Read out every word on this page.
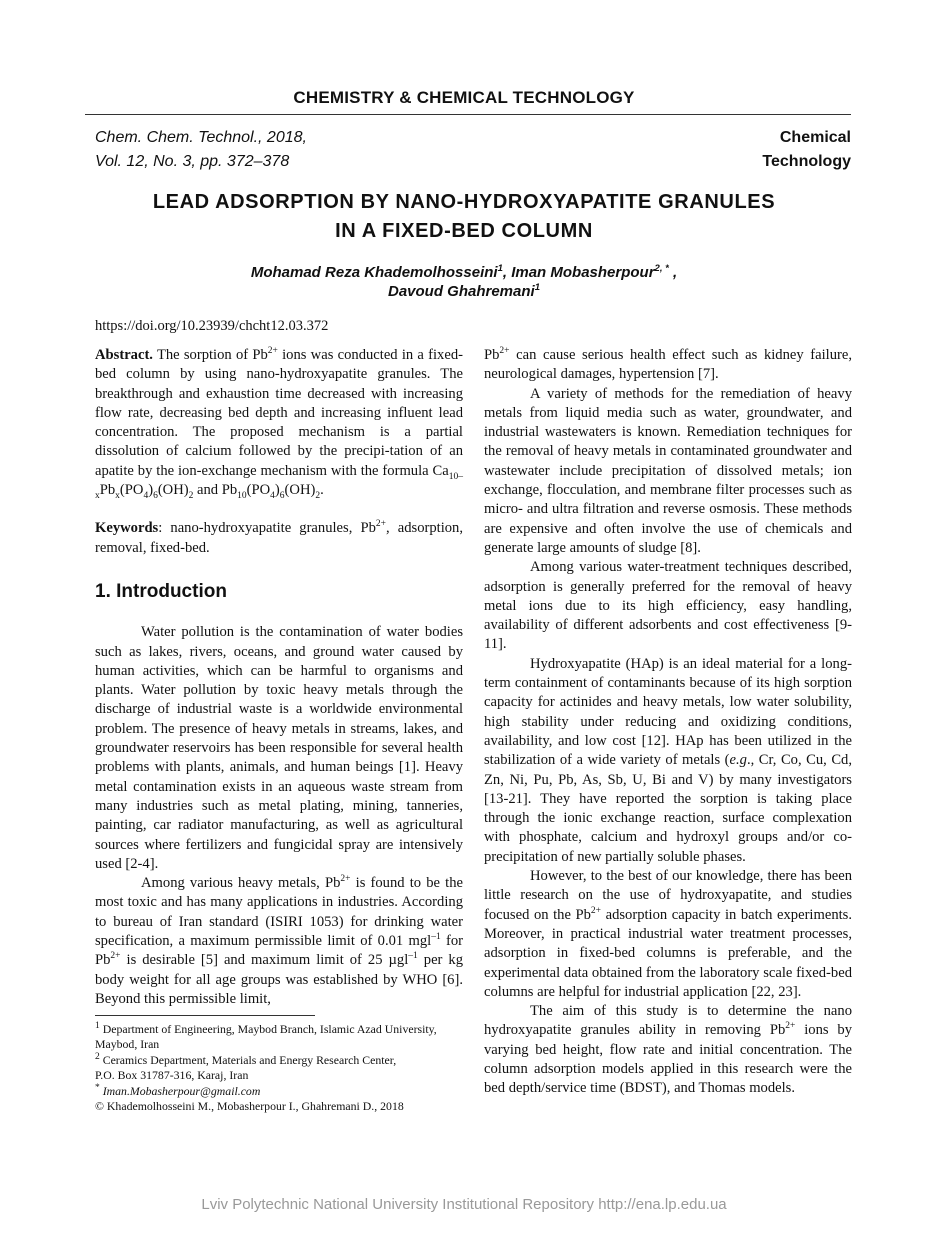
CHEMISTRY & CHEMICAL TECHNOLOGY
Chem. Chem. Technol., 2018,
Vol. 12, No. 3, pp. 372–378
Chemical
Technology
LEAD ADSORPTION BY NANO-HYDROXYAPATITE GRANULES
IN A FIXED-BED COLUMN
Mohamad Reza Khademolhosseini$^1$, Iman Mobasherpour$^{2, *}$ ,
Davoud Ghahremani$^1$
https://doi.org/10.23939/chcht12.03.372

Abstract. The sorption of $Pb^{2+}$ ions was conducted in a fixed-bed column by using nano-hydroxyapatite granules. The breakthrough and exhaustion time decreased with increasing flow rate, decreasing bed depth and increasing influent lead concentration. The proposed mechanism is a partial dissolution of calcium followed by the precipi-tation of an apatite by the ion-exchange mechanism with the formula $Ca_{10-x}Pb_x(PO_4)_6(OH)_2$ and $Pb_{10}(PO_4)_6(OH)_2$.

Keywords: nano-hydroxyapatite granules, $Pb^{2+}$, adsorption, removal, fixed-bed.

1. Introduction

Water pollution is the contamination of water bodies such as lakes, rivers, oceans, and ground water caused by human activities, which can be harmful to organisms and plants. Water pollution by toxic heavy metals through the discharge of industrial waste is a worldwide environmental problem. The presence of heavy metals in streams, lakes, and groundwater reservoirs has been responsible for several health problems with plants, animals, and human beings [1]. Heavy metal contamination exists in an aqueous waste stream from many industries such as metal plating, mining, tanneries, painting, car radiator manufacturing, as well as agricultural sources where fertilizers and fungicidal spray are intensively used [2-4].

Among various heavy metals, $Pb^{2+}$ is found to be the most toxic and has many applications in industries. According to bureau of Iran standard (ISIRI 1053) for drinking water specification, a maximum permissible limit of 0.01 mgl$^{-1}$ for $Pb^{2+}$ is desirable [5] and maximum limit of 25 µgl$^{-1}$ per kg body weight for all age groups was established by WHO [6]. Beyond this permissible limit,

$Pb^{2+}$ can cause serious health effect such as kidney failure, neurological damages, hypertension [7].

A variety of methods for the remediation of heavy metals from liquid media such as water, groundwater, and industrial wastewaters is known. Remediation techniques for the removal of heavy metals in contaminated groundwater and wastewater include precipitation of dissolved metals; ion exchange, flocculation, and membrane filter processes such as micro- and ultra filtration and reverse osmosis. These methods are expensive and often involve the use of chemicals and generate large amounts of sludge [8].

Among various water-treatment techniques described, adsorption is generally preferred for the removal of heavy metal ions due to its high efficiency, easy handling, availability of different adsorbents and cost effectiveness [9-11].

Hydroxyapatite (HAp) is an ideal material for a long-term containment of contaminants because of its high sorption capacity for actinides and heavy metals, low water solubility, high stability under reducing and oxidizing conditions, availability, and low cost [12]. HAp has been utilized in the stabilization of a wide variety of metals (e.g., Cr, Co, Cu, Cd, Zn, Ni, Pu, Pb, As, Sb, U, Bi and V) by many investigators [13-21]. They have reported the sorption is taking place through the ionic exchange reaction, surface complexation with phosphate, calcium and hydroxyl groups and/or co-precipitation of new partially soluble phases.

However, to the best of our knowledge, there has been little research on the use of hydroxyapatite, and studies focused on the $Pb^{2+}$ adsorption capacity in batch experiments. Moreover, in practical industrial water treatment processes, adsorption in fixed-bed columns is preferable, and the experimental data obtained from the laboratory scale fixed-bed columns are helpful for industrial application [22, 23].

The aim of this study is to determine the nano hydroxyapatite granules ability in removing $Pb^{2+}$ ions by varying bed height, flow rate and initial concentration. The column adsorption models applied in this research were the bed depth/service time (BDST), and Thomas models.

$^1$ Department of Engineering, Maybod Branch, Islamic Azad University, Maybod, Iran
$^2$ Ceramics Department, Materials and Energy Research Center,
P.O. Box 31787-316, Karaj, Iran
* Iman.Mobasherpour@gmail.com
© Khademolhosseini M., Mobasherpour I., Ghahremani D., 2018
Lviv Polytechnic National University Institutional Repository http://ena.lp.edu.ua
